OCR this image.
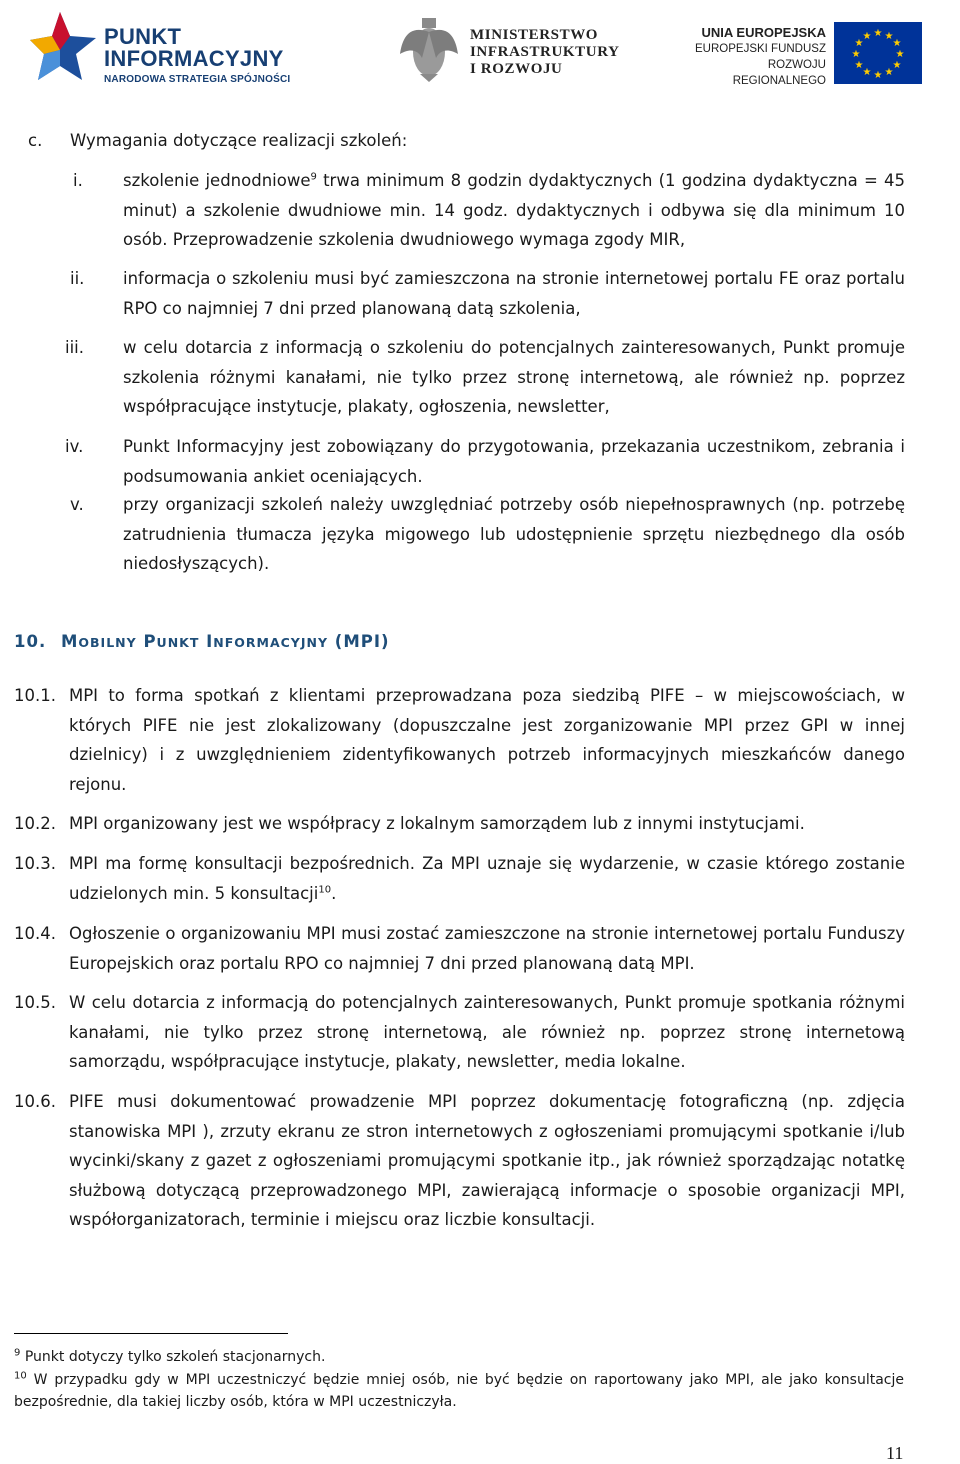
PUNKT
INFORMACYJNY
NARODOWA STRATEGIA SPÓJNOŚCI
MINISTERSTWO
INFRASTRUKTURY
I ROZWOJU
UNIA EUROPEJSKA
EUROPEJSKI FUNDUSZ
ROZWOJU REGIONALNEGO
★ ★
★
★
★
★
★
★
★
★
★
★
c. Wymagania dotyczące realizacji szkoleń:
i. szkolenie jednodniowe$^9$ trwa minimum 8 godzin dydaktycznych (1 godzina dydaktyczna = 45
minut) a szkolenie dwudniowe min. 14 godz. dydaktycznych i odbywa się dla minimum 10
osób. Przeprowadzenie szkolenia dwudniowego wymaga zgody MIR,
ii. informacja o szkoleniu musi być zamieszczona na stronie internetowej portalu FE oraz portalu RPO co najmniej 7 dni przed planowaną datą szkolenia,
iii. w celu dotarcia z informacją o szkoleniu do potencjalnych zainteresowanych, Punkt promuje szkolenia różnymi kanałami, nie tylko przez stronę internetową, ale również np. poprzez współpracujące instytucje, plakaty, ogłoszenia, newsletter,
iv. Punkt Informacyjny jest zobowiązany do przygotowania, przekazania uczestnikom, zebrania i podsumowania ankiet oceniających.
v. przy organizacji szkoleń należy uwzględniać potrzeby osób niepełnosprawnych (np. potrzebę zatrudnienia tłumacza języka migowego lub udostępnienie sprzętu niezbędnego dla osób niedosłyszących).
10. MOBILNY PUNKT INFORMACYJNY (MPI)
10.1. MPI to forma spotkań z klientami przeprowadzana poza siedzibą PIFE – w miejscowościach, w których PIFE nie jest zlokalizowany (dopuszczalne jest zorganizowanie MPI przez GPI w innej dzielnicy) i z uwzględnieniem zidentyfikowanych potrzeb informacyjnych mieszkańców danego rejonu.
10.2. MPI organizowany jest we współpracy z lokalnym samorządem lub z innymi instytucjami.
10.3. MPI ma formę konsultacji bezpośrednich. Za MPI uznaje się wydarzenie, w czasie którego zostanie udzielonych min. 5 konsultacji$^{10}$.
10.4. Ogłoszenie o organizowaniu MPI musi zostać zamieszczone na stronie internetowej portalu Funduszy Europejskich oraz portalu RPO co najmniej 7 dni przed planowaną datą MPI.
10.5. W celu dotarcia z informacją do potencjalnych zainteresowanych, Punkt promuje spotkania różnymi kanałami, nie tylko przez stronę internetową, ale również np. poprzez stronę internetową samorządu, współpracujące instytucje, plakaty, newsletter, media lokalne.
10.6. PIFE musi dokumentować prowadzenie MPI poprzez dokumentację fotograficzną (np. zdjęcia stanowiska MPI ), zrzuty ekranu ze stron internetowych z ogłoszeniami promującymi spotkanie i/lub wycinki/skany z gazet z ogłoszeniami promującymi spotkanie itp., jak również sporządzając notatkę służbową dotyczącą przeprowadzonego MPI, zawierającą informacje o sposobie organizacji MPI, współorganizatorach, terminie i miejscu oraz liczbie konsultacji.
$^9$ Punkt dotyczy tylko szkoleń stacjonarnych.
$^{10}$ W przypadku gdy w MPI uczestniczyć będzie mniej osób, nie być będzie on raportowany jako MPI, ale jako konsultacje bezpośrednie, dla takiej liczby osób, która w MPI uczestniczyła.
11
